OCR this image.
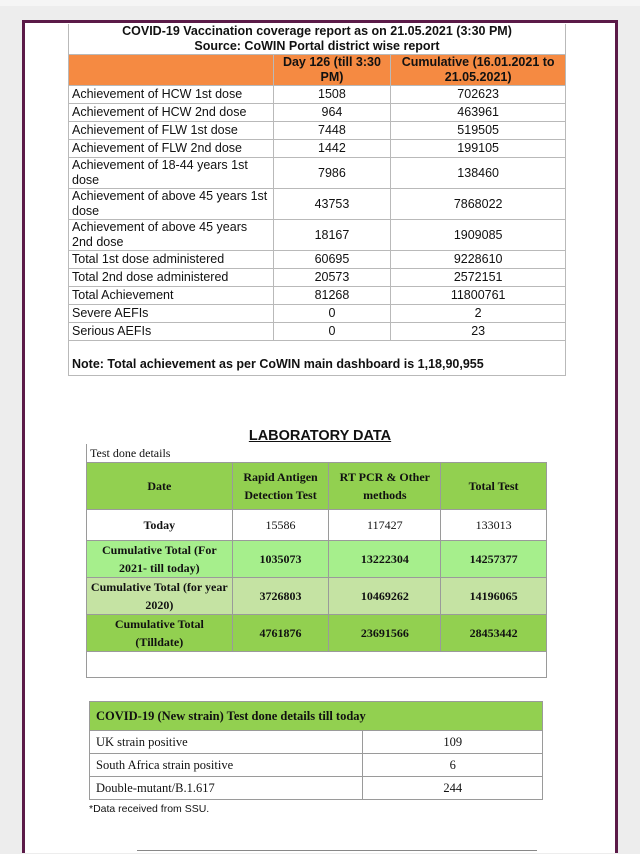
COVID-19 Vaccination coverage report as on 21.05.2021 (3:30 PM)
Source: CoWIN Portal district wise report		

	Day 126 (till 3:30 PM)	Cumulative (16.01.2021 to 21.05.2021)
Achievement of HCW 1st dose	1508	702623
Achievement of HCW 2nd dose	964	463961
Achievement of FLW 1st dose	7448	519505
Achievement of FLW 2nd dose	1442	199105
Achievement of 18-44 years 1st dose	7986	138460
Achievement of above 45 years 1st dose	43753	7868022
Achievement of above 45 years 2nd dose	18167	1909085
Total 1st dose administered	60695	9228610
Total 2nd dose administered	20573	2572151
Total Achievement	81268	11800761
Severe AEFIs	0	2
Serious AEFIs	0	23

Note: Total achievement as per CoWIN main dashboard is 1,18,90,955		
LABORATORY DATA
Test done details			
Date	Rapid Antigen Detection Test	RT PCR & Other methods	Total Test
Today	15586	117427	133013
Cumulative Total (For 2021- till today)	1035073	13222304	14257377
Cumulative Total (for year 2020)	3726803	10469262	14196065
Cumulative Total (Tilldate)	4761876	23691566	28453442

COVID-19 (New strain) Test done details till today	
UK strain positive	109
South Africa strain positive	6
Double-mutant/B.1.617	244
*Data received from SSU.
